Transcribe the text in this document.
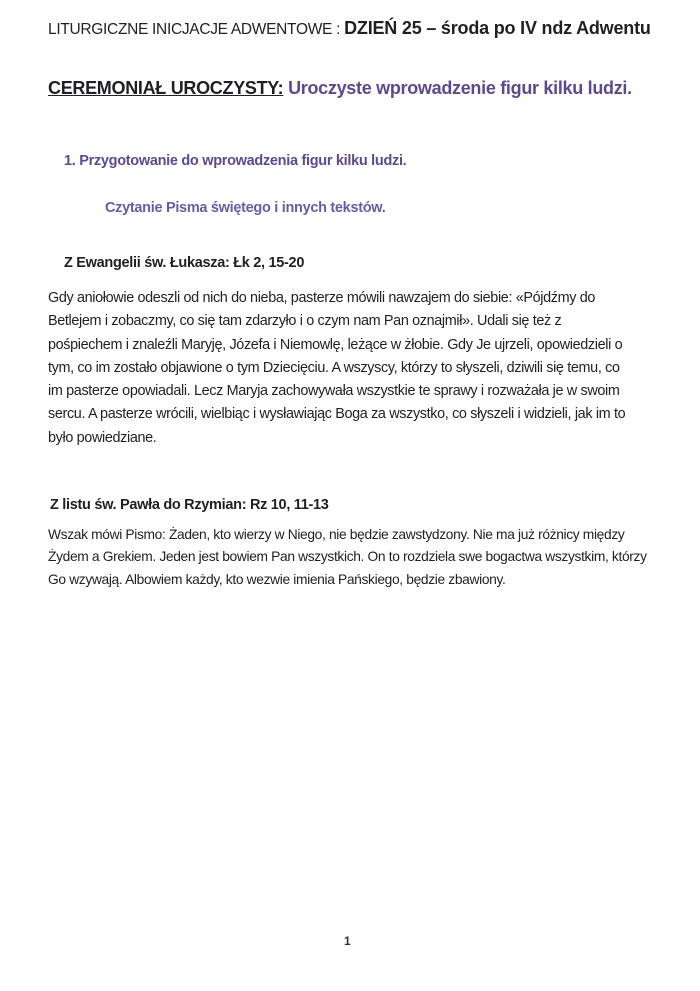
LITURGICZNE INICJACJE ADWENTOWE : DZIEŃ 25 – środa po IV ndz Adwentu
CEREMONIAŁ UROCZYSTY: Uroczyste wprowadzenie figur kilku ludzi.
1. Przygotowanie do wprowadzenia figur kilku ludzi.
Czytanie Pisma świętego i innych tekstów.
Z Ewangelii św. Łukasza: Łk 2, 15-20
Gdy aniołowie odeszli od nich do nieba, pasterze mówili nawzajem do siebie: «Pójdźmy do
Betlejem i zobaczmy, co się tam zdarzyło i o czym nam Pan oznajmił». Udali się też z
pośpiechem i znaleźli Maryję, Józefa i Niemowlę, leżące w żłobie. Gdy Je ujrzeli, opowiedzieli o
tym, co im zostało objawione o tym Dziecięciu. A wszyscy, którzy to słyszeli, dziwili się temu, co
im pasterze opowiadali. Lecz Maryja zachowywała wszystkie te sprawy i rozważała je w swoim
sercu. A pasterze wrócili, wielbiąc i wysławiając Boga za wszystko, co słyszeli i widzieli, jak im to
było powiedziane.
Z listu św. Pawła do Rzymian: Rz 10, 11-13
Wszak mówi Pismo: Żaden, kto wierzy w Niego, nie będzie zawstydzony. Nie ma już różnicy między
Żydem a Grekiem. Jeden jest bowiem Pan wszystkich. On to rozdziela swe bogactwa wszystkim, którzy
Go wzywają. Albowiem każdy, kto wezwie imienia Pańskiego, będzie zbawiony.
1
